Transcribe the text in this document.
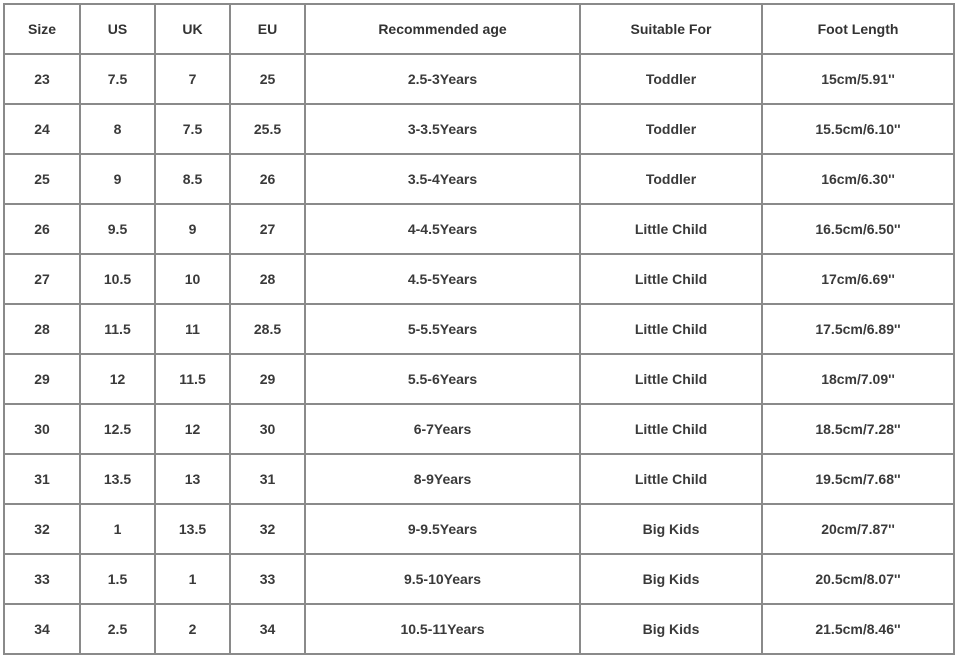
Size	US	UK	EU	Recommended age	Suitable For	Foot Length
23	7.5	7	25	2.5-3Years	Toddler	15cm/5.91''
24	8	7.5	25.5	3-3.5Years	Toddler	15.5cm/6.10''
25	9	8.5	26	3.5-4Years	Toddler	16cm/6.30''
26	9.5	9	27	4-4.5Years	Little Child	16.5cm/6.50''
27	10.5	10	28	4.5-5Years	Little Child	17cm/6.69''
28	11.5	11	28.5	5-5.5Years	Little Child	17.5cm/6.89''
29	12	11.5	29	5.5-6Years	Little Child	18cm/7.09''
30	12.5	12	30	6-7Years	Little Child	18.5cm/7.28''
31	13.5	13	31	8-9Years	Little Child	19.5cm/7.68''
32	1	13.5	32	9-9.5Years	Big Kids	20cm/7.87''
33	1.5	1	33	9.5-10Years	Big Kids	20.5cm/8.07''
34	2.5	2	34	10.5-11Years	Big Kids	21.5cm/8.46''
